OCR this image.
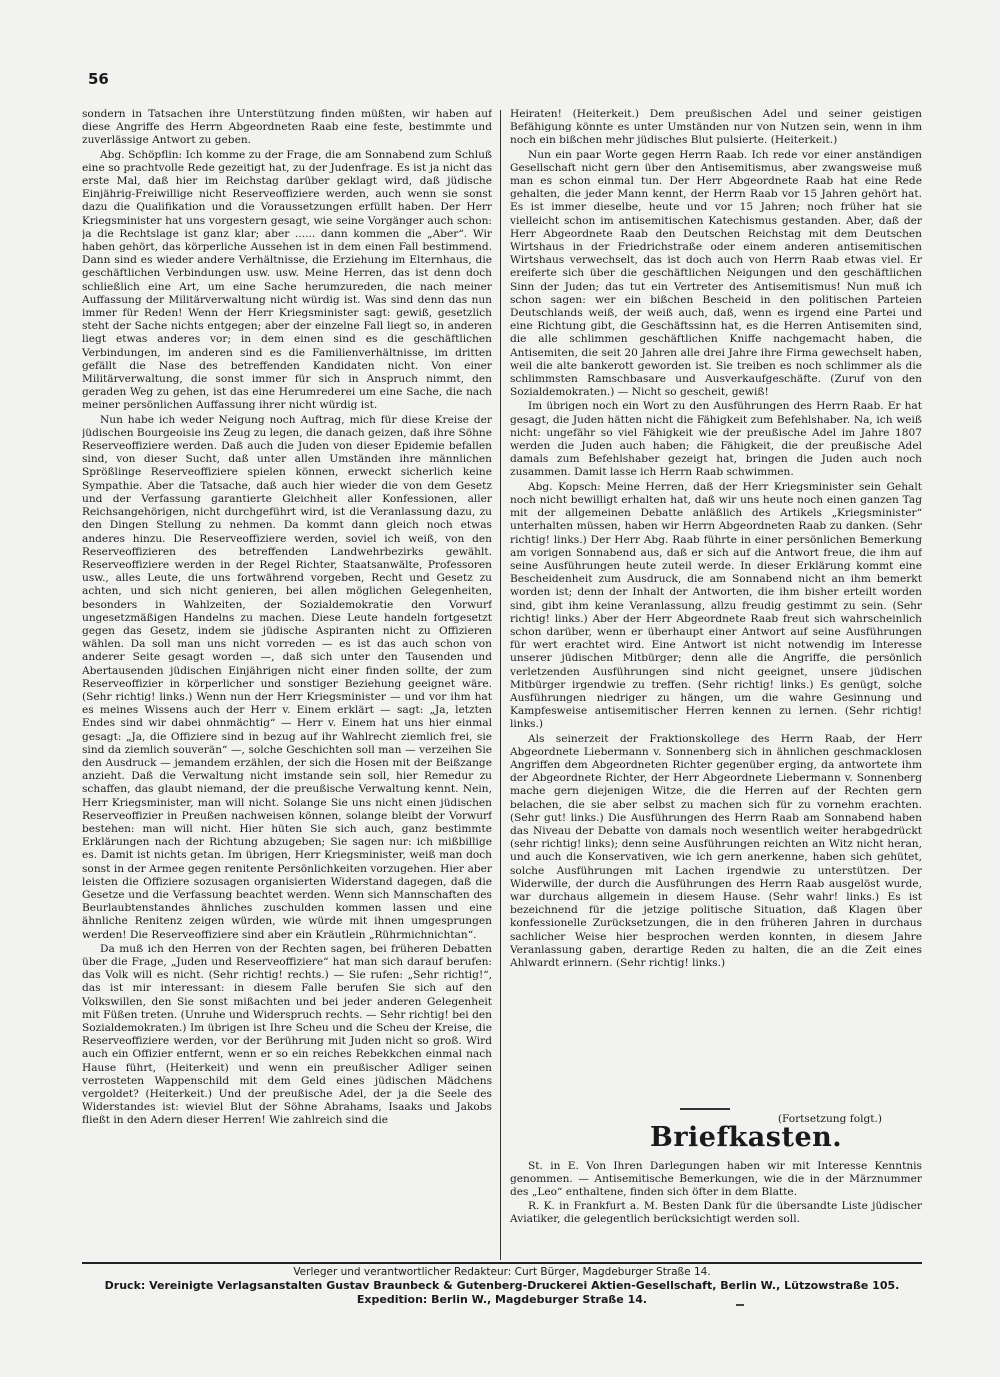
56

sondern in Tatsachen ihre Unterstützung finden müßten, wir haben auf diese Angriffe des Herrn Abgeordneten Raab eine feste, bestimmte und zuverlässige Antwort zu geben.

Abg. Schöpflin: Ich komme zu der Frage, die am Sonnabend zum Schluß eine so prachtvolle Rede gezeitigt hat, zu der Judenfrage. Es ist ja nicht das erste Mal, daß hier im Reichstag darüber geklagt wird, daß jüdische Einjährig-Freiwillige nicht Reserveoffiziere werden, auch wenn sie sonst dazu die Qualifikation und die Voraussetzungen erfüllt haben. Der Herr Kriegsminister hat uns vorgestern gesagt, wie seine Vorgänger auch schon: ja die Rechtslage ist ganz klar; aber ...... dann kommen die „Aber“. Wir haben gehört, das körperliche Aussehen ist in dem einen Fall bestimmend. Dann sind es wieder andere Verhältnisse, die Erziehung im Elternhaus, die geschäftlichen Verbindungen usw. usw. Meine Herren, das ist denn doch schließlich eine Art, um eine Sache herumzureden, die nach meiner Auffassung der Militärverwaltung nicht würdig ist. Was sind denn das nun immer für Reden! Wenn der Herr Kriegsminister sagt: gewiß, gesetzlich steht der Sache nichts entgegen; aber der einzelne Fall liegt so, in anderen liegt etwas anderes vor; in dem einen sind es die geschäftlichen Verbindungen, im anderen sind es die Familienverhältnisse, im dritten gefällt die Nase des betreffenden Kandidaten nicht. Von einer Militärverwaltung, die sonst immer für sich in Anspruch nimmt, den geraden Weg zu gehen, ist das eine Herumrederei um eine Sache, die nach meiner persönlichen Auffassung ihrer nicht würdig ist.

Nun habe ich weder Neigung noch Auftrag, mich für diese Kreise der jüdischen Bourgeoisie ins Zeug zu legen, die danach geizen, daß ihre Söhne Reserveoffiziere werden. Daß auch die Juden von dieser Epidemie befallen sind, von dieser Sucht, daß unter allen Umständen ihre männlichen Sprößlinge Reserveoffiziere spielen können, erweckt sicherlich keine Sympathie. Aber die Tatsache, daß auch hier wieder die von dem Gesetz und der Verfassung garantierte Gleichheit aller Konfessionen, aller Reichsangehörigen, nicht durchgeführt wird, ist die Veranlassung dazu, zu den Dingen Stellung zu nehmen. Da kommt dann gleich noch etwas anderes hinzu. Die Reserveoffiziere werden, soviel ich weiß, von den Reserveoffizieren des betreffenden Landwehrbezirks gewählt. Reserveoffiziere werden in der Regel Richter, Staatsanwälte, Professoren usw., alles Leute, die uns fortwährend vorgeben, Recht und Gesetz zu achten, und sich nicht genieren, bei allen möglichen Gelegenheiten, besonders in Wahlzeiten, der Sozialdemokratie den Vorwurf ungesetzmäßigen Handelns zu machen. Diese Leute handeln fortgesetzt gegen das Gesetz, indem sie jüdische Aspiranten nicht zu Offizieren wählen. Da soll man uns nicht vorreden — es ist das auch schon von anderer Seite gesagt worden —, daß sich unter den Tausenden und Abertausenden jüdischen Einjährigen nicht einer finden sollte, der zum Reserveoffizier in körperlicher und sonstiger Beziehung geeignet wäre. (Sehr richtig! links.) Wenn nun der Herr Kriegsminister — und vor ihm hat es meines Wissens auch der Herr v. Einem erklärt — sagt: „Ja, letzten Endes sind wir dabei ohnmächtig“ — Herr v. Einem hat uns hier einmal gesagt: „Ja, die Offiziere sind in bezug auf ihr Wahlrecht ziemlich frei, sie sind da ziemlich souverän“ —, solche Geschichten soll man — verzeihen Sie den Ausdruck — jemandem erzählen, der sich die Hosen mit der Beißzange anzieht. Daß die Verwaltung nicht imstande sein soll, hier Remedur zu schaffen, das glaubt niemand, der die preußische Verwaltung kennt. Nein, Herr Kriegsminister, man will nicht. Solange Sie uns nicht einen jüdischen Reserveoffizier in Preußen nachweisen können, solange bleibt der Vorwurf bestehen: man will nicht. Hier hüten Sie sich auch, ganz bestimmte Erklärungen nach der Richtung abzugeben; Sie sagen nur: ich mißbillige es. Damit ist nichts getan. Im übrigen, Herr Kriegsminister, weiß man doch sonst in der Armee gegen renitente Persönlichkeiten vorzugehen. Hier aber leisten die Offiziere sozusagen organisierten Widerstand dagegen, daß die Gesetze und die Verfassung beachtet werden. Wenn sich Mannschaften des Beurlaubtenstandes ähnliches zuschulden kommen lassen und eine ähnliche Renitenz zeigen würden, wie würde mit ihnen umgesprungen werden! Die Reserveoffiziere sind aber ein Kräutlein „Rührmichnichtan“.

Da muß ich den Herren von der Rechten sagen, bei früheren Debatten über die Frage, „Juden und Reserveoffiziere“ hat man sich darauf berufen: das Volk will es nicht. (Sehr richtig! rechts.) — Sie rufen: „Sehr richtig!“, das ist mir interessant: in diesem Falle berufen Sie sich auf den Volkswillen, den Sie sonst mißachten und bei jeder anderen Gelegenheit mit Füßen treten. (Unruhe und Widerspruch rechts. — Sehr richtig! bei den Sozialdemokraten.) Im übrigen ist Ihre Scheu und die Scheu der Kreise, die Reserveoffiziere werden, vor der Berührung mit Juden nicht so groß. Wird auch ein Offizier entfernt, wenn er so ein reiches Rebekkchen einmal nach Hause führt, (Heiterkeit) und wenn ein preußischer Adliger seinen verrosteten Wappenschild mit dem Geld eines jüdischen Mädchens vergoldet? (Heiterkeit.) Und der preußische Adel, der ja die Seele des Widerstandes ist: wieviel Blut der Söhne Abrahams, Isaaks und Jakobs fließt in den Adern dieser Herren! Wie zahlreich sind die

Heiraten! (Heiterkeit.) Dem preußischen Adel und seiner geistigen Befähigung könnte es unter Umständen nur von Nutzen sein, wenn in ihm noch ein bißchen mehr jüdisches Blut pulsierte. (Heiterkeit.)

Nun ein paar Worte gegen Herrn Raab. Ich rede vor einer anständigen Gesellschaft nicht gern über den Antisemitismus, aber zwangsweise muß man es schon einmal tun. Der Herr Abgeordnete Raab hat eine Rede gehalten, die jeder Mann kennt, der Herrn Raab vor 15 Jahren gehört hat. Es ist immer dieselbe, heute und vor 15 Jahren; noch früher hat sie vielleicht schon im antisemitischen Katechismus gestanden. Aber, daß der Herr Abgeordnete Raab den Deutschen Reichstag mit dem Deutschen Wirtshaus in der Friedrichstraße oder einem anderen antisemitischen Wirtshaus verwechselt, das ist doch auch von Herrn Raab etwas viel. Er ereiferte sich über die geschäftlichen Neigungen und den geschäftlichen Sinn der Juden; das tut ein Vertreter des Antisemitismus! Nun muß ich schon sagen: wer ein bißchen Bescheid in den politischen Parteien Deutschlands weiß, der weiß auch, daß, wenn es irgend eine Partei und eine Richtung gibt, die Geschäftssinn hat, es die Herren Antisemiten sind, die alle schlimmen geschäftlichen Kniffe nachgemacht haben, die Antisemiten, die seit 20 Jahren alle drei Jahre ihre Firma gewechselt haben, weil die alte bankerott geworden ist. Sie treiben es noch schlimmer als die schlimmsten Ramschbasare und Ausverkaufgeschäfte. (Zuruf von den Sozialdemokraten.) — Nicht so gescheit, gewiß!

Im übrigen noch ein Wort zu den Ausführungen des Herrn Raab. Er hat gesagt, die Juden hätten nicht die Fähigkeit zum Befehlshaber. Na, ich weiß nicht: ungefähr so viel Fähigkeit wie der preußische Adel im Jahre 1807 werden die Juden auch haben; die Fähigkeit, die der preußische Adel damals zum Befehlshaber gezeigt hat, bringen die Juden auch noch zusammen. Damit lasse ich Herrn Raab schwimmen.

Abg. Kopsch: Meine Herren, daß der Herr Kriegsminister sein Gehalt noch nicht bewilligt erhalten hat, daß wir uns heute noch einen ganzen Tag mit der allgemeinen Debatte anläßlich des Artikels „Kriegsminister“ unterhalten müssen, haben wir Herrn Abgeordneten Raab zu danken. (Sehr richtig! links.) Der Herr Abg. Raab führte in einer persönlichen Bemerkung am vorigen Sonnabend aus, daß er sich auf die Antwort freue, die ihm auf seine Ausführungen heute zuteil werde. In dieser Erklärung kommt eine Bescheidenheit zum Ausdruck, die am Sonnabend nicht an ihm bemerkt worden ist; denn der Inhalt der Antworten, die ihm bisher erteilt worden sind, gibt ihm keine Veranlassung, allzu freudig gestimmt zu sein. (Sehr richtig! links.) Aber der Herr Abgeordnete Raab freut sich wahrscheinlich schon darüber, wenn er überhaupt einer Antwort auf seine Ausführungen für wert erachtet wird. Eine Antwort ist nicht notwendig im Interesse unserer jüdischen Mitbürger; denn alle die Angriffe, die persönlich verletzenden Ausführungen sind nicht geeignet, unsere jüdischen Mitbürger irgendwie zu treffen. (Sehr richtig! links.) Es genügt, solche Ausführungen niedriger zu hängen, um die wahre Gesinnung und Kampfesweise antisemitischer Herren kennen zu lernen. (Sehr richtig! links.)

Als seinerzeit der Fraktionskollege des Herrn Raab, der Herr Abgeordnete Liebermann v. Sonnenberg sich in ähnlichen geschmacklosen Angriffen dem Abgeordneten Richter gegenüber erging, da antwortete ihm der Abgeordnete Richter, der Herr Abgeordnete Liebermann v. Sonnenberg mache gern diejenigen Witze, die die Herren auf der Rechten gern belachen, die sie aber selbst zu machen sich für zu vornehm erachten. (Sehr gut! links.) Die Ausführungen des Herrn Raab am Sonnabend haben das Niveau der Debatte von damals noch wesentlich weiter herabgedrückt (sehr richtig! links); denn seine Ausführungen reichten an Witz nicht heran, und auch die Konservativen, wie ich gern anerkenne, haben sich gehütet, solche Ausführungen mit Lachen irgendwie zu unterstützen. Der Widerwille, der durch die Ausführungen des Herrn Raab ausgelöst wurde, war durchaus allgemein in diesem Hause. (Sehr wahr! links.) Es ist bezeichnend für die jetzige politische Situation, daß Klagen über konfessionelle Zurücksetzungen, die in den früheren Jahren in durchaus sachlicher Weise hier besprochen werden konnten, in diesem Jahre Veranlassung gaben, derartige Reden zu halten, die an die Zeit eines Ahlwardt erinnern. (Sehr richtig! links.)

(Fortsetzung folgt.)
Briefkasten.

St. in E. Von Ihren Darlegungen haben wir mit Interesse Kenntnis genommen. — Antisemitische Bemerkungen, wie die in der Märznummer des „Leo“ enthaltene, finden sich öfter in dem Blatte.

R. K. in Frankfurt a. M. Besten Dank für die übersandte Liste jüdischer Aviatiker, die gelegentlich berücksichtigt werden soll.

Verleger und verantwortlicher Redakteur: Curt Bürger, Magdeburger Straße 14.
Druck: Vereinigte Verlagsanstalten Gustav Braunbeck & Gutenberg-Druckerei Aktien-Gesellschaft, Berlin W., Lützowstraße 105.
Expedition: Berlin W., Magdeburger Straße 14.
